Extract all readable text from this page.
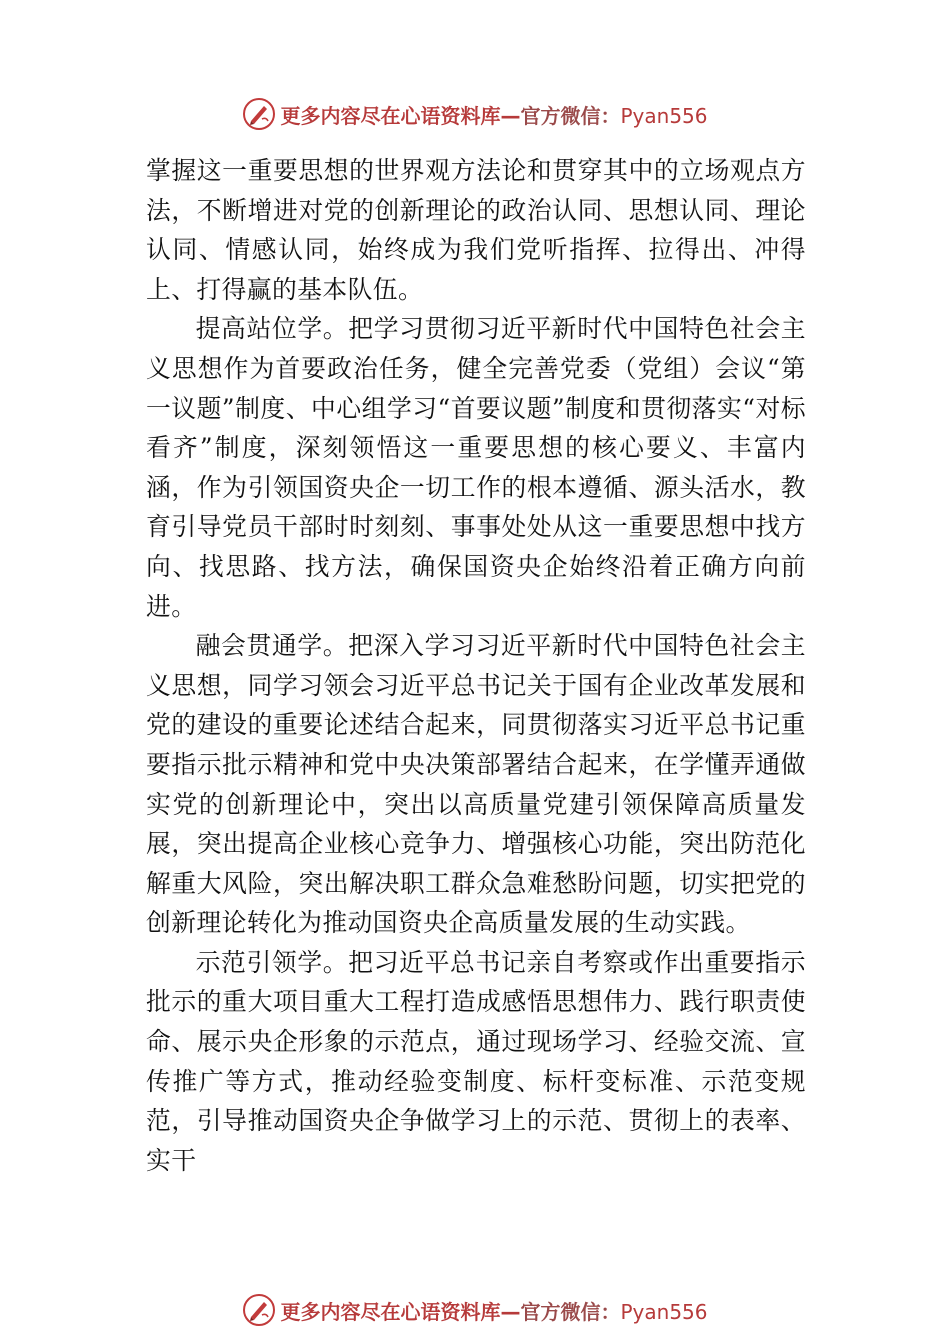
更多内容尽在心语资料库—官方微信：Pyan556

掌握这一重要思想的世界观方法论和贯穿其中的立场观点方法，不断增进对党的创新理论的政治认同、思想认同、理论认同、情感认同，始终成为我们党听指挥、拉得出、冲得上、打得赢的基本队伍。

提高站位学。把学习贯彻习近平新时代中国特色社会主义思想作为首要政治任务，健全完善党委（党组）会议“第一议题”制度、中心组学习“首要议题”制度和贯彻落实“对标看齐”制度，深刻领悟这一重要思想的核心要义、丰富内涵，作为引领国资央企一切工作的根本遵循、源头活水，教育引导党员干部时时刻刻、事事处处从这一重要思想中找方向、找思路、找方法，确保国资央企始终沿着正确方向前进。

融会贯通学。把深入学习习近平新时代中国特色社会主义思想，同学习领会习近平总书记关于国有企业改革发展和党的建设的重要论述结合起来，同贯彻落实习近平总书记重要指示批示精神和党中央决策部署结合起来，在学懂弄通做实党的创新理论中，突出以高质量党建引领保障高质量发展，突出提高企业核心竞争力、增强核心功能，突出防范化解重大风险，突出解决职工群众急难愁盼问题，切实把党的创新理论转化为推动国资央企高质量发展的生动实践。

示范引领学。把习近平总书记亲自考察或作出重要指示批示的重大项目重大工程打造成感悟思想伟力、践行职责使命、展示央企形象的示范点，通过现场学习、经验交流、宣传推广等方式，推动经验变制度、标杆变标准、示范变规范，引导推动国资央企争做学习上的示范、贯彻上的表率、实干

更多内容尽在心语资料库—官方微信：Pyan556
